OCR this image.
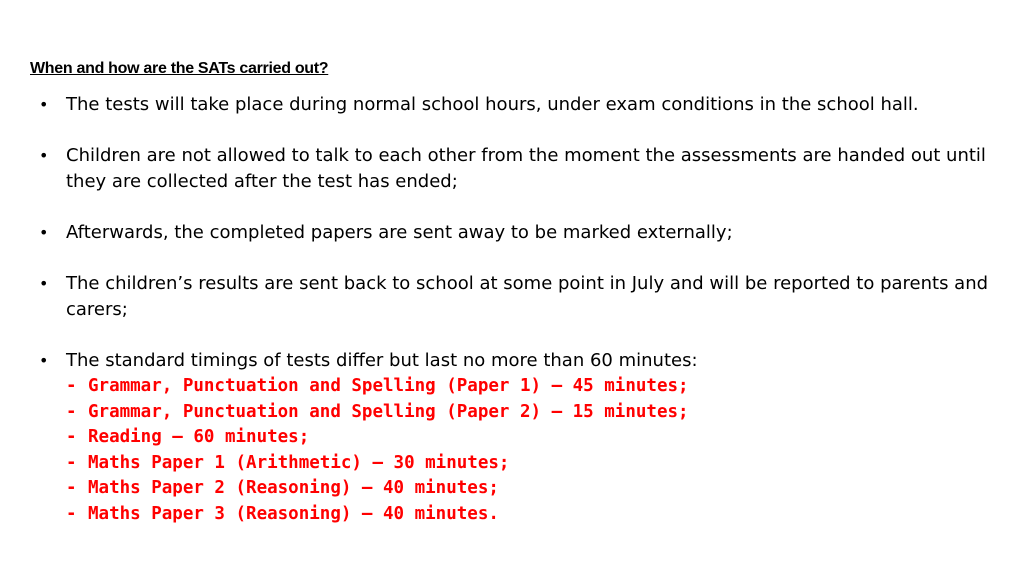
When and how are the SATs carried out?
• The tests will take place during normal school hours, under exam conditions in the school hall.
• Children are not allowed to talk to each other from the moment the assessments are handed out until they are collected after the test has ended;
• Afterwards, the completed papers are sent away to be marked externally;
• The children’s results are sent back to school at some point in July and will be reported to parents and carers;
• The standard timings of tests differ but last no more than 60 minutes:
- Grammar, Punctuation and Spelling (Paper 1) – 45 minutes;
- Grammar, Punctuation and Spelling (Paper 2) – 15 minutes;
- Reading – 60 minutes;
- Maths Paper 1 (Arithmetic) – 30 minutes;
- Maths Paper 2 (Reasoning) – 40 minutes;
- Maths Paper 3 (Reasoning) – 40 minutes.
